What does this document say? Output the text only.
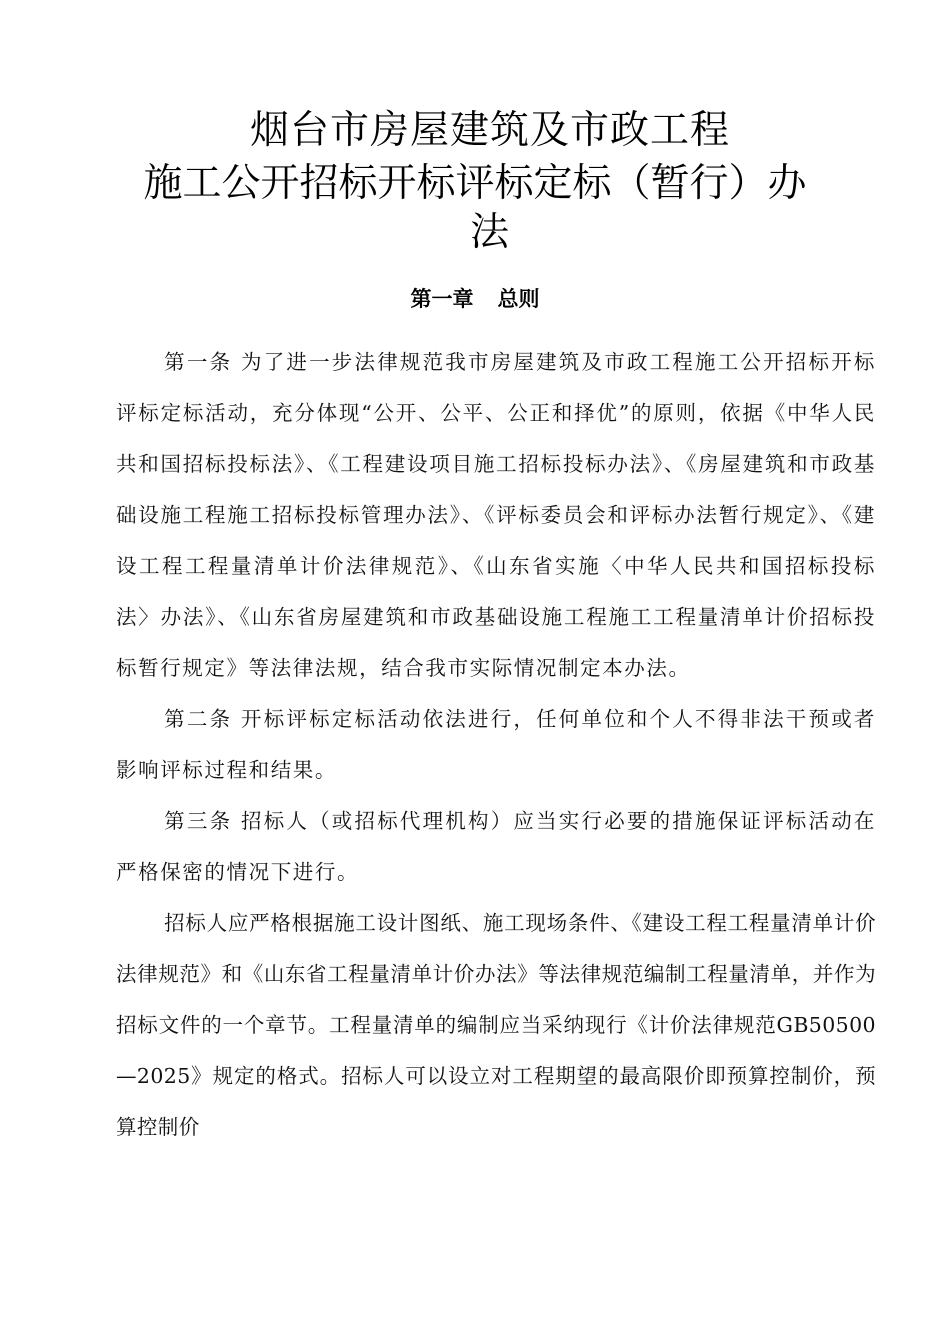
烟台市房屋建筑及市政工程
施工公开招标开标评标定标（暂行）办
法
第一章 总则

第一条 为了进一步法律规范我市房屋建筑及市政工程施工公开招标开标评标定标活动，充分体现“公开、公平、公正和择优”的原则，依据《中华人民共和国招标投标法》、《工程建设项目施工招标投标办法》、《房屋建筑和市政基础设施工程施工招标投标管理办法》、《评标委员会和评标办法暂行规定》、《建设工程工程量清单计价法律规范》、《山东省实施〈中华人民共和国招标投标法〉办法》、《山东省房屋建筑和市政基础设施工程施工工程量清单计价招标投标暂行规定》等法律法规，结合我市实际情况制定本办法。

第二条 开标评标定标活动依法进行，任何单位和个人不得非法干预或者影响评标过程和结果。

第三条 招标人（或招标代理机构）应当实行必要的措施保证评标活动在严格保密的情况下进行。

招标人应严格根据施工设计图纸、施工现场条件、《建设工程工程量清单计价法律规范》和《山东省工程量清单计价办法》等法律规范编制工程量清单，并作为招标文件的一个章节。工程量清单的编制应当采纳现行《计价法律规范GB50500—2025》规定的格式。招标人可以设立对工程期望的最高限价即预算控制价，预算控制价
